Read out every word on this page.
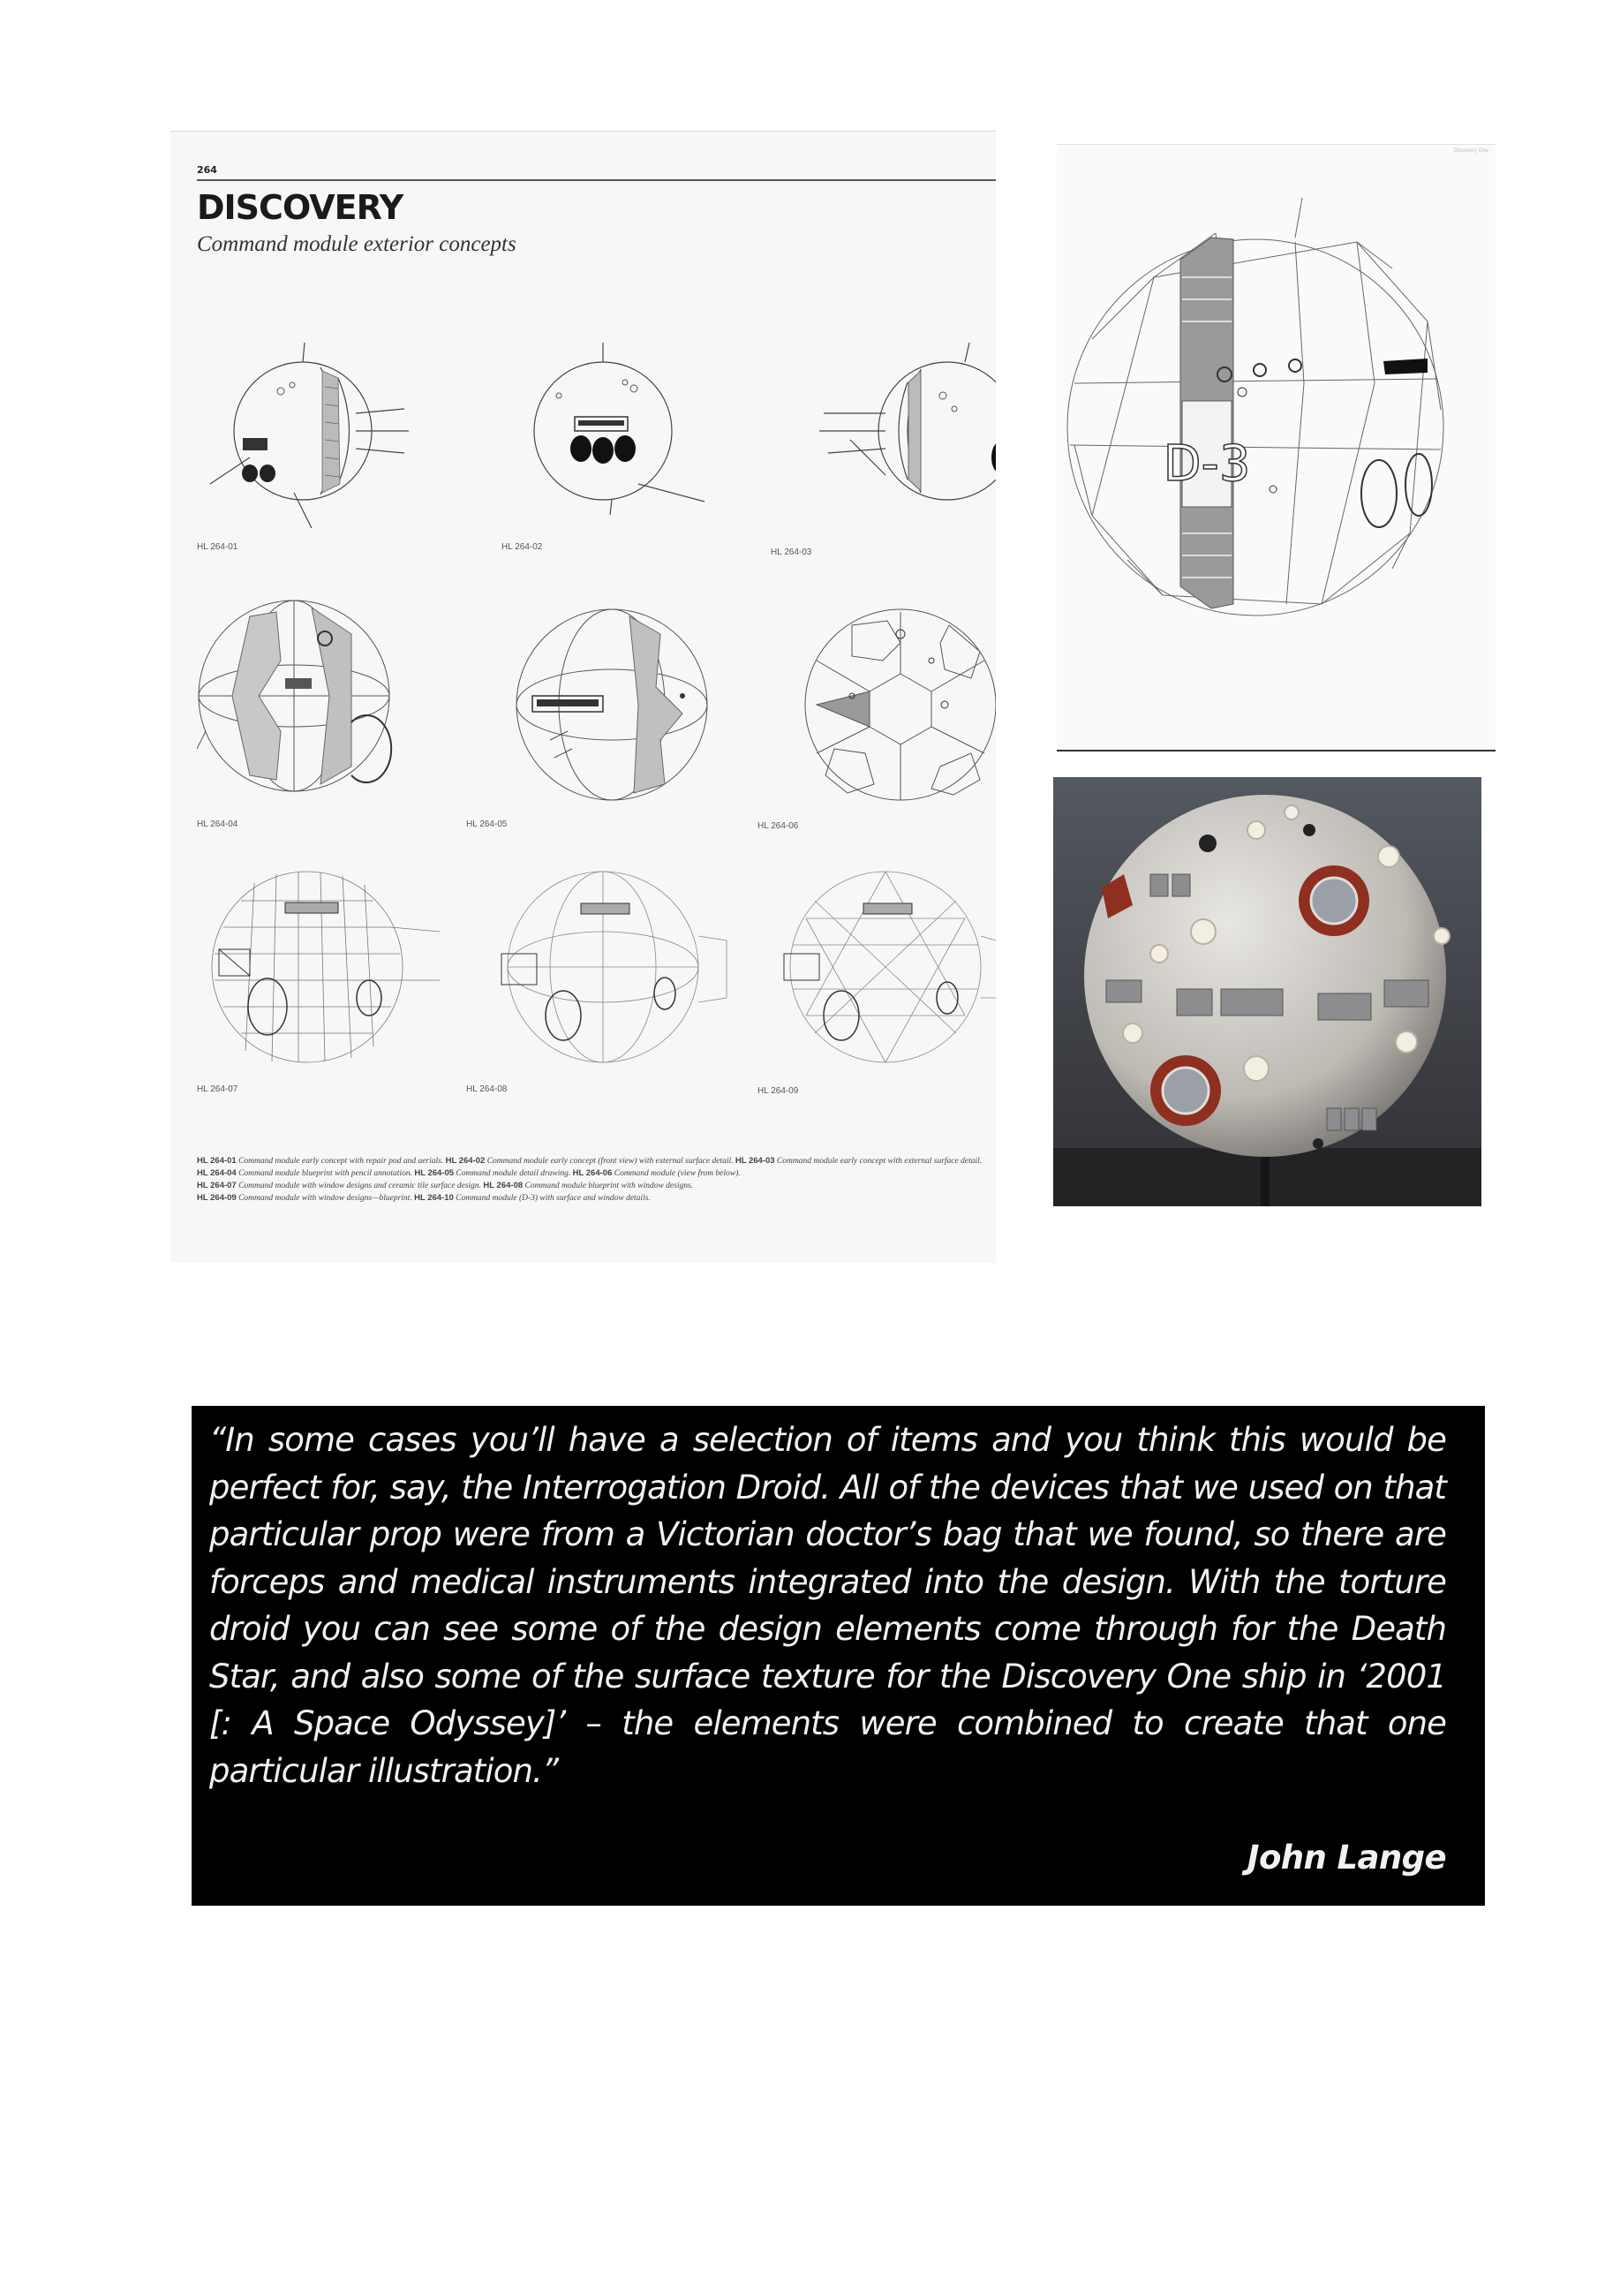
264
DISCOVERY
Command module exterior concepts
HL 264-01	HL 264-02
HL 264-03
HL 264-04	HL 264-05	HL 264-06
HL 264-07	HL 264-08	HL 264-09
HL 264-01 Command module early concept with repair pod and aerials. HL 264-02 Command module early concept (front view) with external surface detail. HL 264-03 Command module early concept with external surface detail.
HL 264-04 Command module blueprint with pencil annotation. HL 264-05 Command module detail drawing. HL 264-06 Command module (view from below).
HL 264-07 Command module with window designs and ceramic tile surface design. HL 264-08 Command module blueprint with window designs.
HL 264-09 Command module with window designs—blueprint. HL 264-10 Command module (D-3) with surface and window details.
Discovery One
D-3
“In some cases you’ll have a selection of items and you think this would be perfect for, say, the Interrogation Droid. All of the devices that we used on that particular prop were from a Victorian doctor’s bag that we found, so there are forceps and medical instruments integrated into the design. With the torture droid you can see some of the design elements come through for the Death Star, and also some of the surface texture for the Discovery One ship in ‘2001 [: A Space Odyssey]’ – the elements were combined to create that one particular illustration.”
John Lange
